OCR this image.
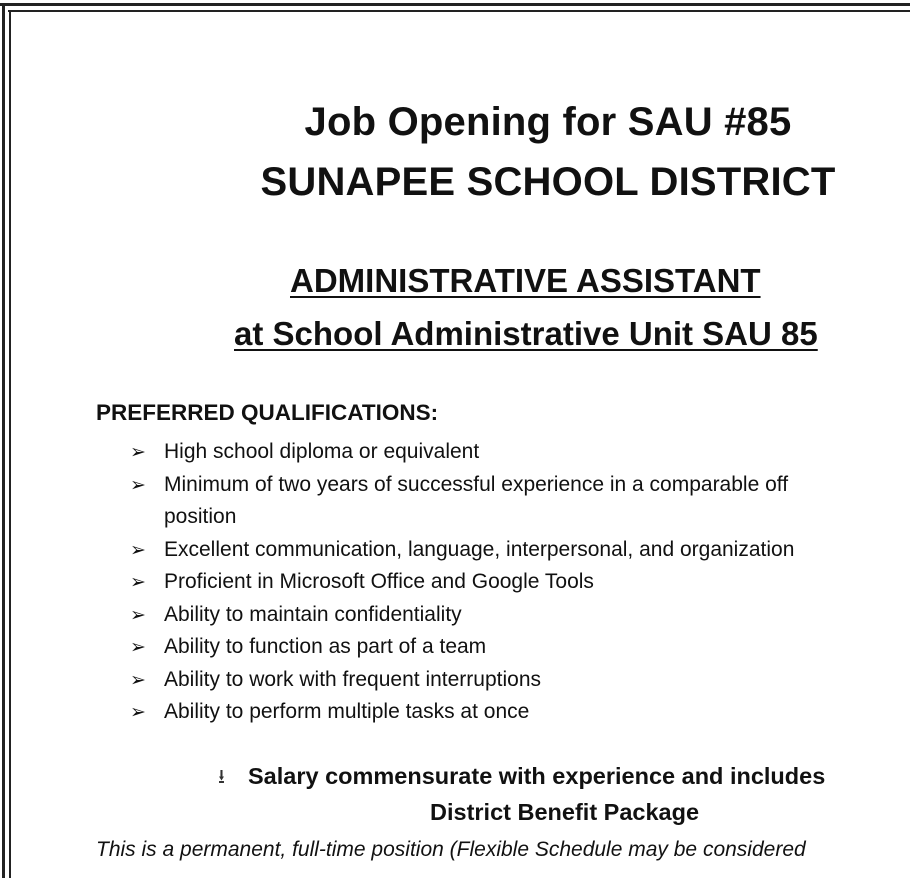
Job Opening for SAU #85
SUNAPEE SCHOOL DISTRICT
ADMINISTRATIVE ASSISTANT
at School Administrative Unit SAU 85
PREFERRED QUALIFICATIONS:
➢ High school diploma or equivalent
➢ Minimum of two years of successful experience in a comparable off
position
➢ Excellent communication, language, interpersonal, and organization
➢ Proficient in Microsoft Office and Google Tools
➢ Ability to maintain confidentiality
➢ Ability to function as part of a team
➢ Ability to work with frequent interruptions
➢ Ability to perform multiple tasks at once
⭳ Salary commensurate with experience and includes
District Benefit Package
This is a permanent, full-time position (Flexible Schedule may be considered
